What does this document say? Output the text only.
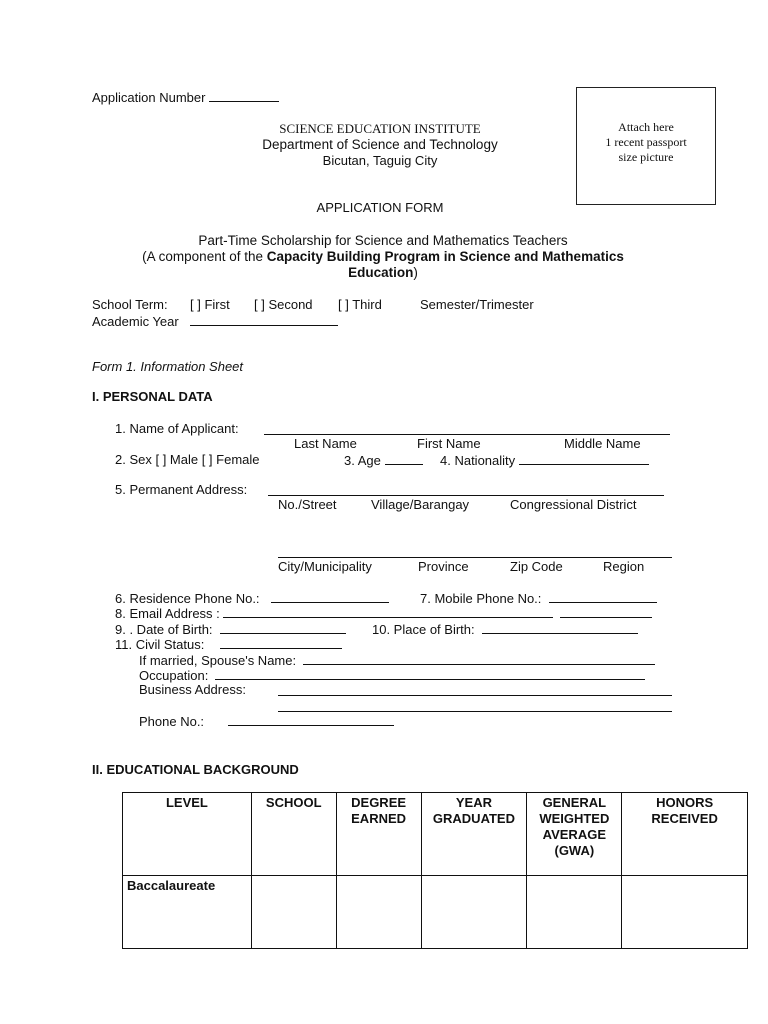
Application Number
Attach here
1 recent passport
size picture
SCIENCE EDUCATION INSTITUTE
Department of Science and Technology
Bicutan, Taguig City
APPLICATION FORM
Part-Time Scholarship for Science and Mathematics Teachers
(A component of the Capacity Building Program in Science and Mathematics
Education)
School Term: [ ] First [ ] Second [ ] Third	Semester/Trimester
Academic Year
Form 1. Information Sheet
I. PERSONAL DATA
1. Name of Applicant:
Last Name	First Name	Middle Name
2. Sex [ ] Male [ ] Female	3. Age	4. Nationality
5. Permanent Address:
No./Street	Village/Barangay	Congressional District
City/Municipality	Province	Zip Code	Region
6. Residence Phone No.:	7. Mobile Phone No.:
8. Email Address :
9. . Date of Birth:	10. Place of Birth:
11. Civil Status:
If married, Spouse's Name:
Occupation:
Business Address:
Phone No.:
II. EDUCATIONAL BACKGROUND
LEVEL	SCHOOL	DEGREE EARNED	YEAR GRADUATED	GENERAL WEIGHTED AVERAGE (GWA)	HONORS RECEIVED
Baccalaureate					
